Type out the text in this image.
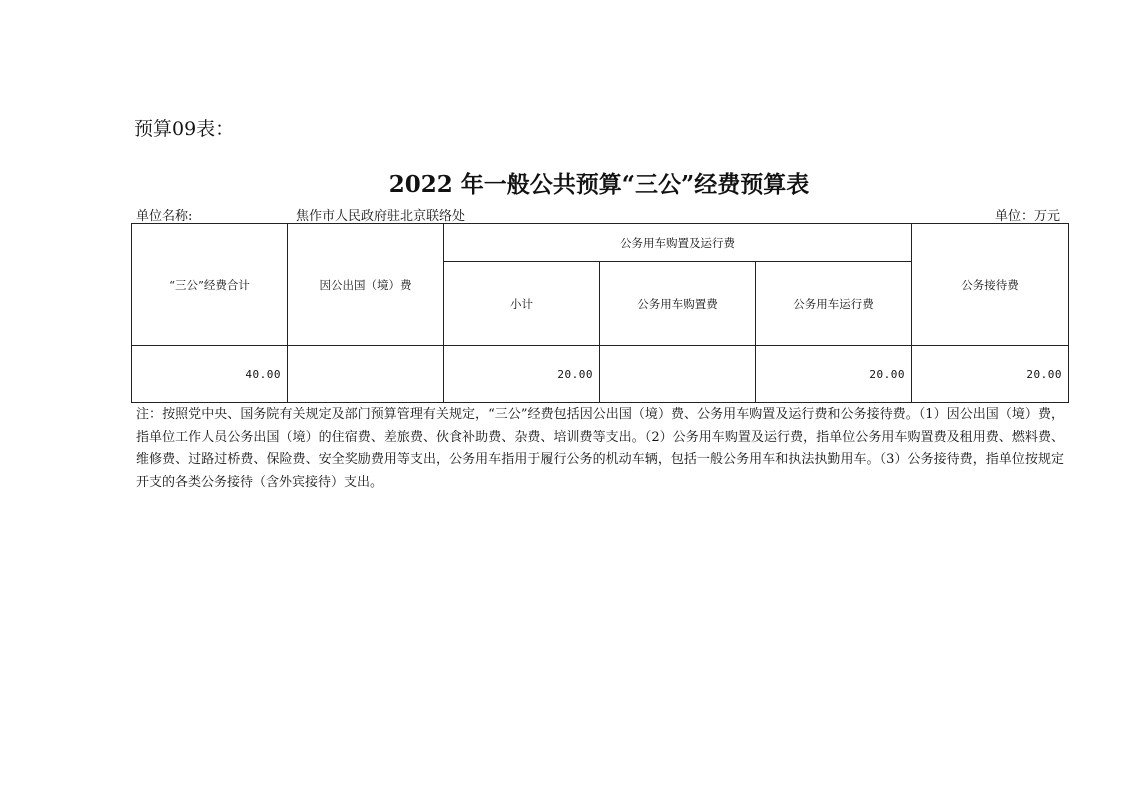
预算09表：
2022 年一般公共预算“三公”经费预算表
单位名称:	焦作市人民政府驻北京联络处	单位：万元
“三公”经费合计	因公出国（境）费	公务用车购置及运行费			公务接待费
		小计	公务用车购置费	公务用车运行费	
40.00		20.00		20.00	20.00
注：按照党中央、国务院有关规定及部门预算管理有关规定，“三公”经费包括因公出国（境）费、公务用车购置及运行费和公务接待费。（1）因公出国（境）费，指单位工作人员公务出国（境）的住宿费、差旅费、伙食补助费、杂费、培训费等支出。（2）公务用车购置及运行费，指单位公务用车购置费及租用费、燃料费、维修费、过路过桥费、保险费、安全奖励费用等支出，公务用车指用于履行公务的机动车辆，包括一般公务用车和执法执勤用车。（3）公务接待费，指单位按规定开支的各类公务接待（含外宾接待）支出。
